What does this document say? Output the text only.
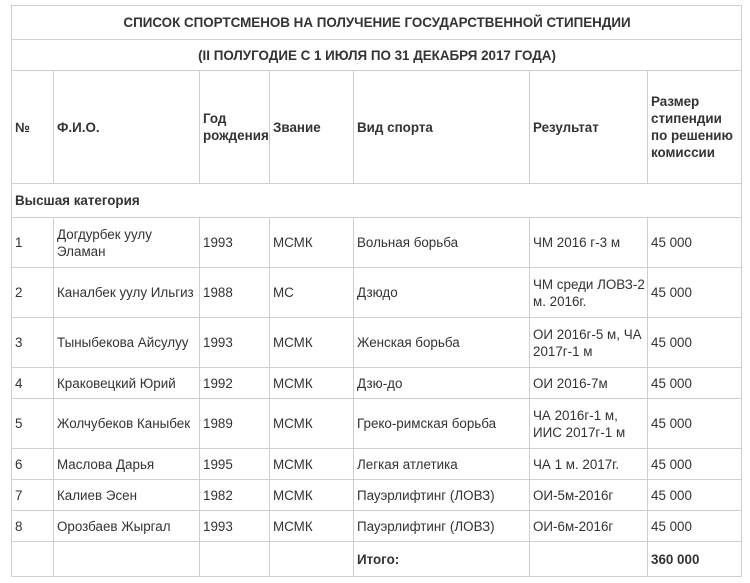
СПИСОК СПОРТСМЕНОВ НА ПОЛУЧЕНИЕ ГОСУДАРСТВЕННОЙ СТИПЕНДИИ						
(II ПОЛУГОДИЕ С 1 ИЮЛЯ ПО 31 ДЕКАБРЯ 2017 ГОДА)						
№	Ф.И.О.	Год рождения	Звание	Вид спорта	Результат	Размер стипендии по решению комиссии
Высшая категория						
1	Догдурбек уулу Эламан	1993	МСМК	Вольная борьба	ЧМ 2016 г-3 м	45 000
2	Каналбек уулу Ильгиз	1988	МС	Дзюдо	ЧМ среди ЛОВЗ-2 м. 2016г.	45 000
3	Тыныбекова Айсулуу	1993	МСМК	Женская борьба	ОИ 2016г-5 м, ЧА 2017г-1 м	45 000
4	Краковецкий Юрий	1992	МСМК	Дзю-до	ОИ 2016-7м	45 000
5	Жолчубеков Каныбек	1989	МСМК	Греко-римская борьба	ЧА 2016г-1 м, ИИС 2017г-1 м	45 000
6	Маслова Дарья	1995	МСМК	Легкая атлетика	ЧА 1 м. 2017г.	45 000
7	Калиев Эсен	1982	МСМК	Пауэрлифтинг (ЛОВЗ)	ОИ-5м-2016г	45 000
8	Орозбаев Жыргал	1993	МСМК	Пауэрлифтинг (ЛОВЗ)	ОИ-6м-2016г	45 000
				Итого:		360 000
